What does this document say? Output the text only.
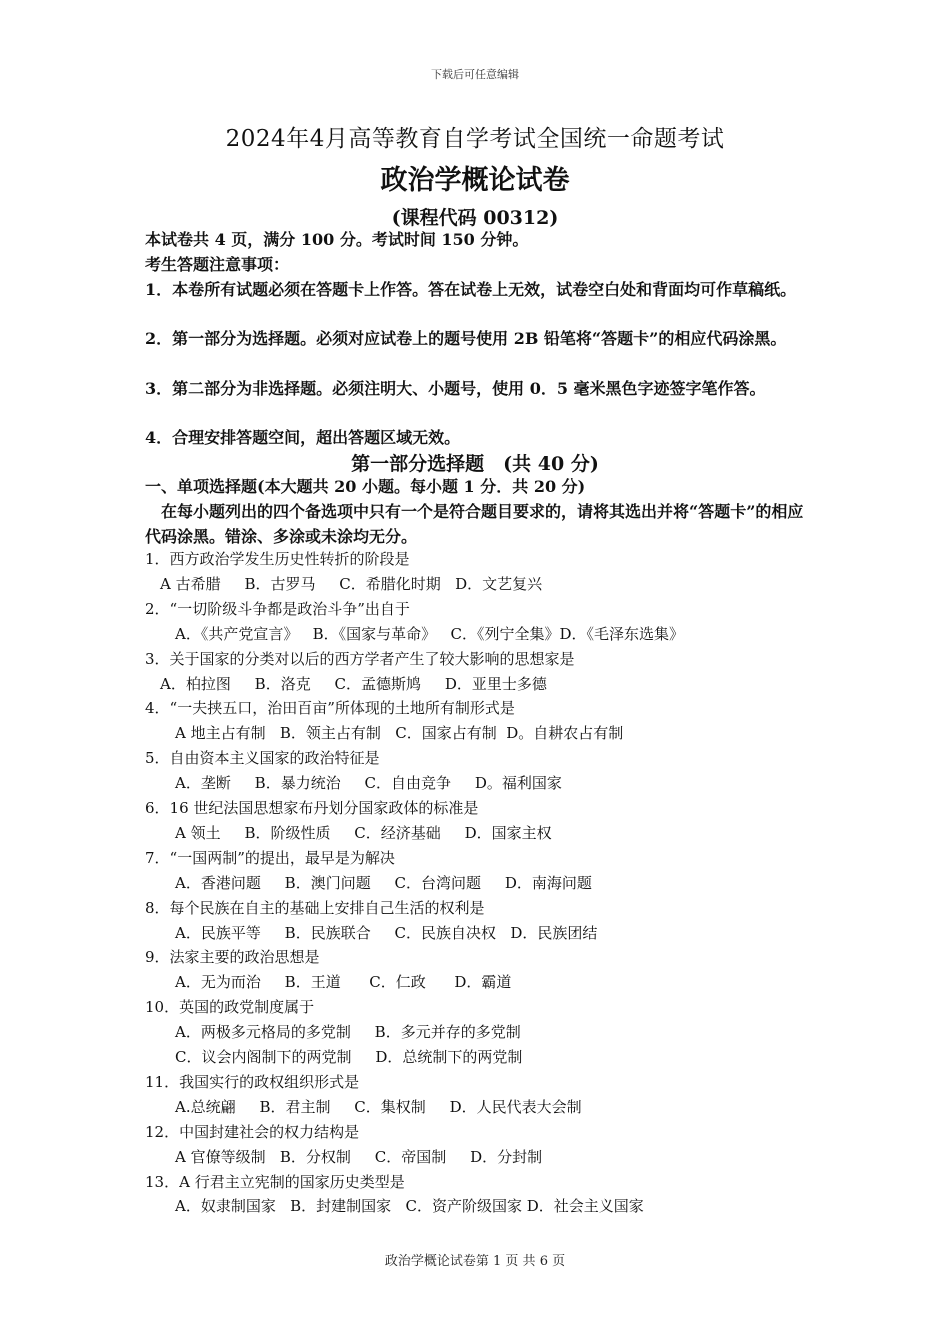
下载后可任意编辑
2024年4月高等教育自学考试全国统一命题考试
政治学概论试卷
(课程代码 00312)
本试卷共 4 页，满分 100 分。考试时间 150 分钟。
考生答题注意事项：
1．本卷所有试题必须在答题卡上作答。答在试卷上无效，试卷空白处和背面均可作草稿纸。
2．第一部分为选择题。必须对应试卷上的题号使用 2B 铅笔将“答题卡”的相应代码涂黑。
3．第二部分为非选择题。必须注明大、小题号，使用 0．5 毫米黑色字迹签字笔作答。
4．合理安排答题空间，超出答题区域无效。
第一部分选择题　(共 40 分)
一、单项选择题(本大题共 20 小题。每小题 1 分．共 20 分)
　在每小题列出的四个备选项中只有一个是符合题目要求的，请将其选出并将“答题卡”的相应代码涂黑。错涂、多涂或未涂均无分。
1．西方政治学发生历史性转折的阶段是
A 古希腊     B．古罗马     C．希腊化时期   D．文艺复兴
2．“一切阶级斗争都是政治斗争”出自于
A．《共产党宣言》   B．《国家与革命》   C．《列宁全集》D．《毛泽东选集》
3．关于国家的分类对以后的西方学者产生了较大影响的思想家是
A．柏拉图     B．洛克     C．孟德斯鸠     D．亚里士多德
4．“一夫挟五口，治田百亩”所体现的土地所有制形式是
A 地主占有制   B．领主占有制   C．国家占有制  D。自耕农占有制
5．自由资本主义国家的政治特征是
A．垄断     B．暴力统治     C．自由竞争     D。福利国家
6．16 世纪法国思想家布丹划分国家政体的标准是
A 领土     B．阶级性质     C．经济基础     D．国家主权
7．“一国两制”的提出，最早是为解决
A．香港问题     B．澳门问题     C．台湾问题     D．南海问题
8．每个民族在自主的基础上安排自己生活的权利是
A．民族平等     B．民族联合     C．民族自决权   D．民族团结
9．法家主要的政治思想是
A．无为而治     B．王道      C．仁政      D．霸道
10．英国的政党制度属于
A．两极多元格局的多党制     B．多元并存的多党制
C．议会内阁制下的两党制     D．总统制下的两党制
11．我国实行的政权组织形式是
A.总统翩     B．君主制     C．集权制     D．人民代表大会制
12．中国封建社会的权力结构是
A 官僚等级制   B．分权制     C．帝国制     D．分封制
13．A 行君主立宪制的国家历史类型是
A．奴隶制国家   B．封建制国家   C．资产阶级国家 D．社会主义国家
政治学概论试卷第 1 页 共 6 页
